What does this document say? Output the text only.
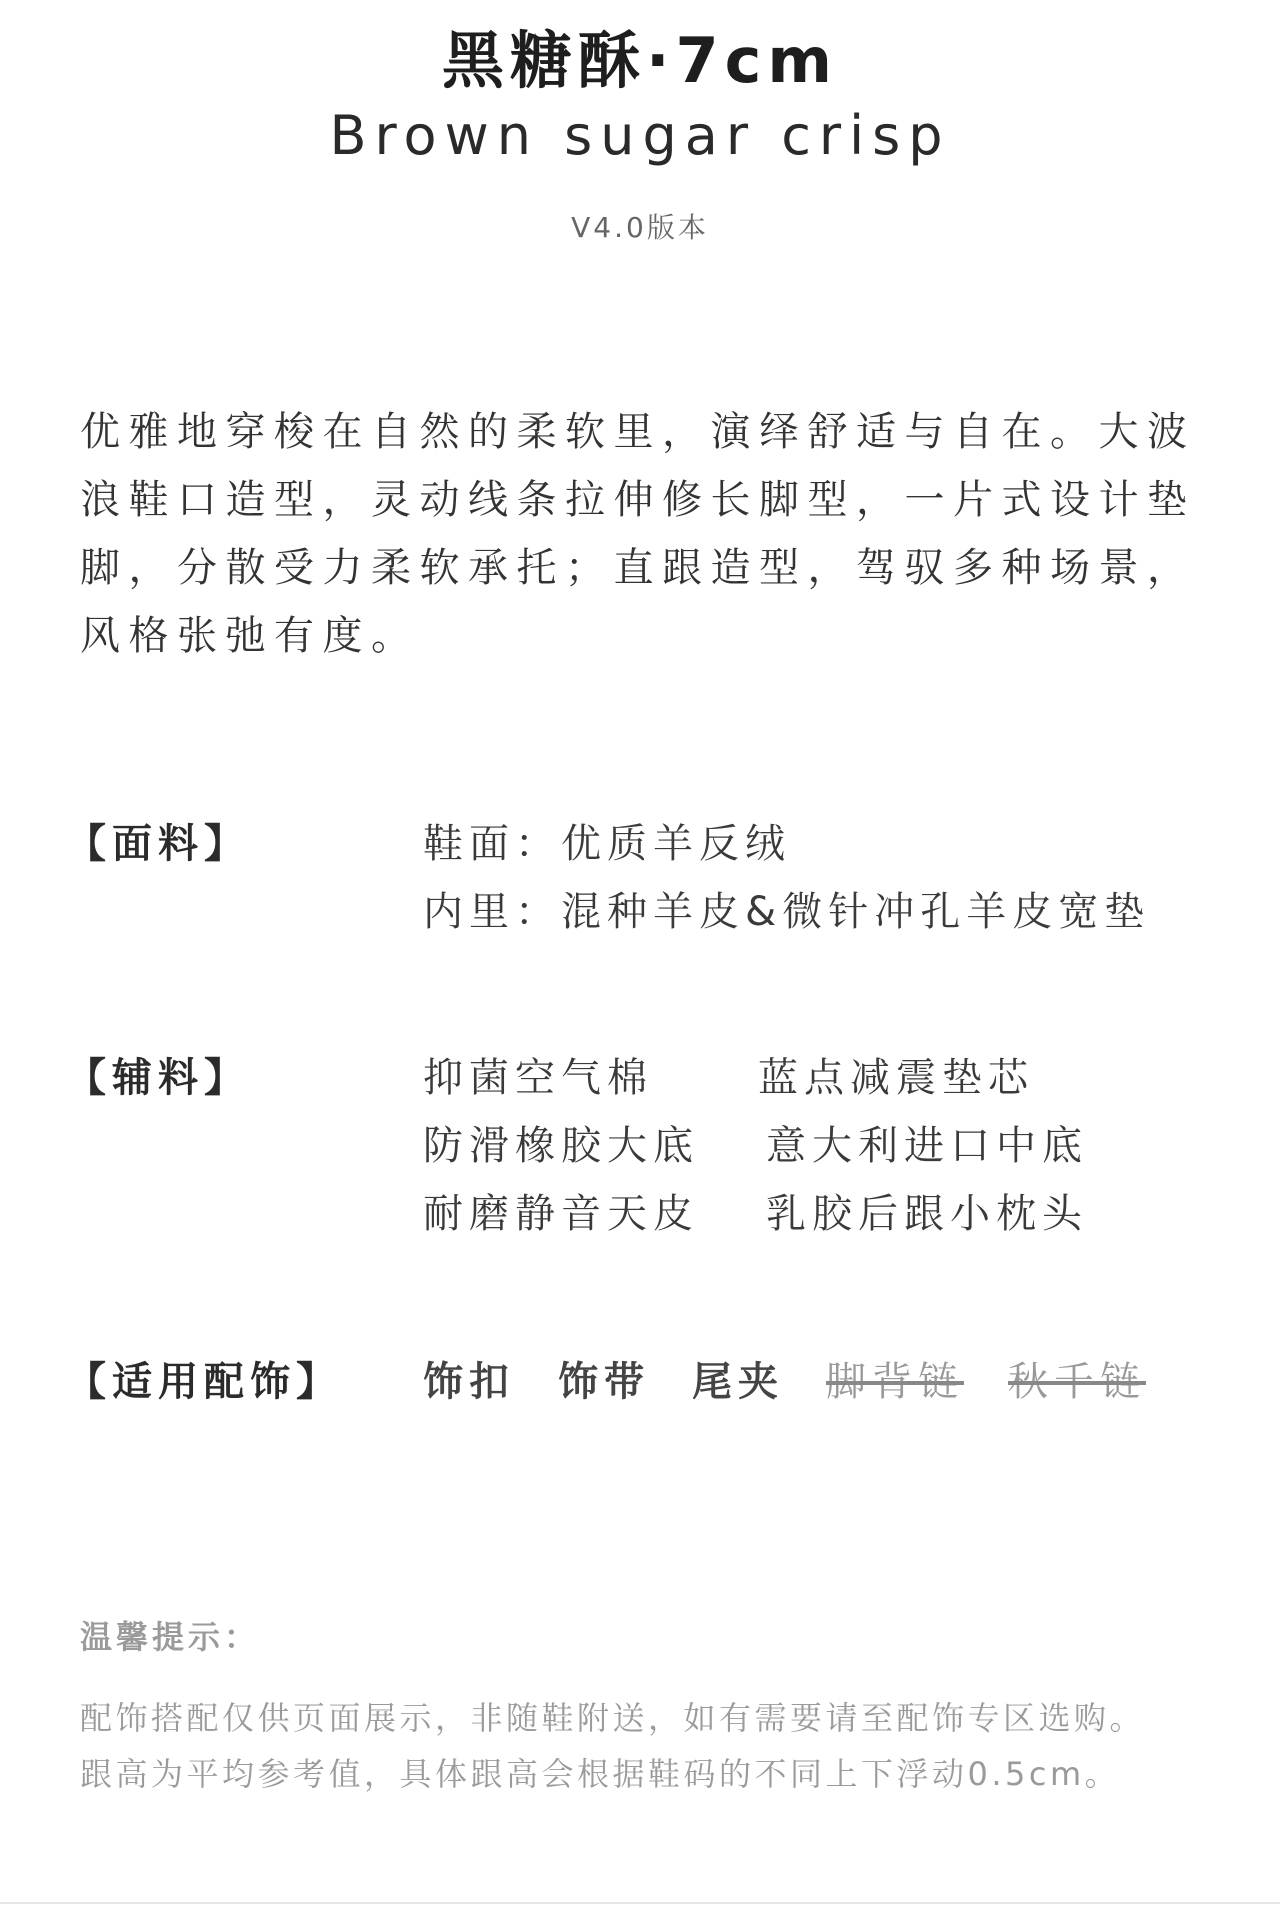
黑糖酥·7cm
Brown sugar crisp
V4.0版本
优雅地穿梭在自然的柔软里，演绎舒适与自在。大波
浪鞋口造型，灵动线条拉伸修长脚型，一片式设计垫
脚，分散受力柔软承托；直跟造型，驾驭多种场景，
风格张弛有度。
【面料】	鞋面：优质羊反绒
内里：混种羊皮&微针冲孔羊皮宽垫
【辅料】	抑菌空气棉	蓝点减震垫芯
防滑橡胶大底 意大利进口中底
耐磨静音天皮 乳胶后跟小枕头
【适用配饰】 饰扣 饰带 尾夹 脚背链 秋千链
温馨提示：
配饰搭配仅供页面展示，非随鞋附送，如有需要请至配饰专区选购。
跟高为平均参考值，具体跟高会根据鞋码的不同上下浮动0.5cm。
